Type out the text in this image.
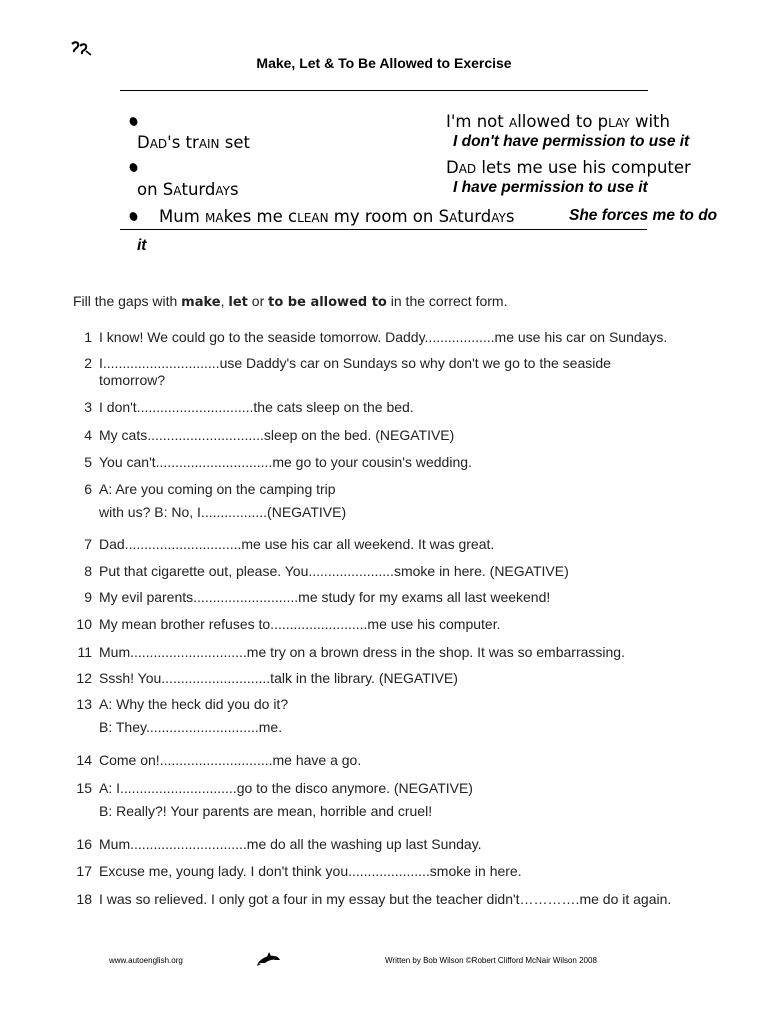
Make, Let & To Be Allowed to Exercise
I'm not allowed to play with
Dad's train set	I don't have permission to use it
Dad lets me use his computer
on Saturdays	I have permission to use it
Mum makes me clean my room on Saturdays	She forces me to do
it
Fill the gaps with make, let or to be allowed to in the correct form.
1 I know! We could go to the seaside tomorrow. Daddy..................me use his car on Sundays.
2 I..............................use Daddy's car on Sundays so why don't we go to the seaside
tomorrow?
3 I don't..............................the cats sleep on the bed.
4 My cats..............................sleep on the bed. (NEGATIVE)
5 You can't..............................me go to your cousin's wedding.
6 A: Are you coming on the camping trip
with us? B: No, I.................(NEGATIVE)
7 Dad..............................me use his car all weekend. It was great.
8 Put that cigarette out, please. You......................smoke in here. (NEGATIVE)
9 My evil parents...........................me study for my exams all last weekend!
10 My mean brother refuses to.........................me use his computer.
11 Mum..............................me try on a brown dress in the shop. It was so embarrassing.
12 Sssh! You............................talk in the library. (NEGATIVE)
13 A: Why the heck did you do it?
B: They.............................me.
14 Come on!.............................me have a go.
15 A: I..............................go to the disco anymore. (NEGATIVE)
B: Really?! Your parents are mean, horrible and cruel!
16 Mum..............................me do all the washing up last Sunday.
17 Excuse me, young lady. I don't think you.....................smoke in here.
18 I was so relieved. I only got a four in my essay but the teacher didn't………….me do it again.
www.autoenglish.org	Written by Bob Wilson ©Robert Clifford McNair Wilson 2008
